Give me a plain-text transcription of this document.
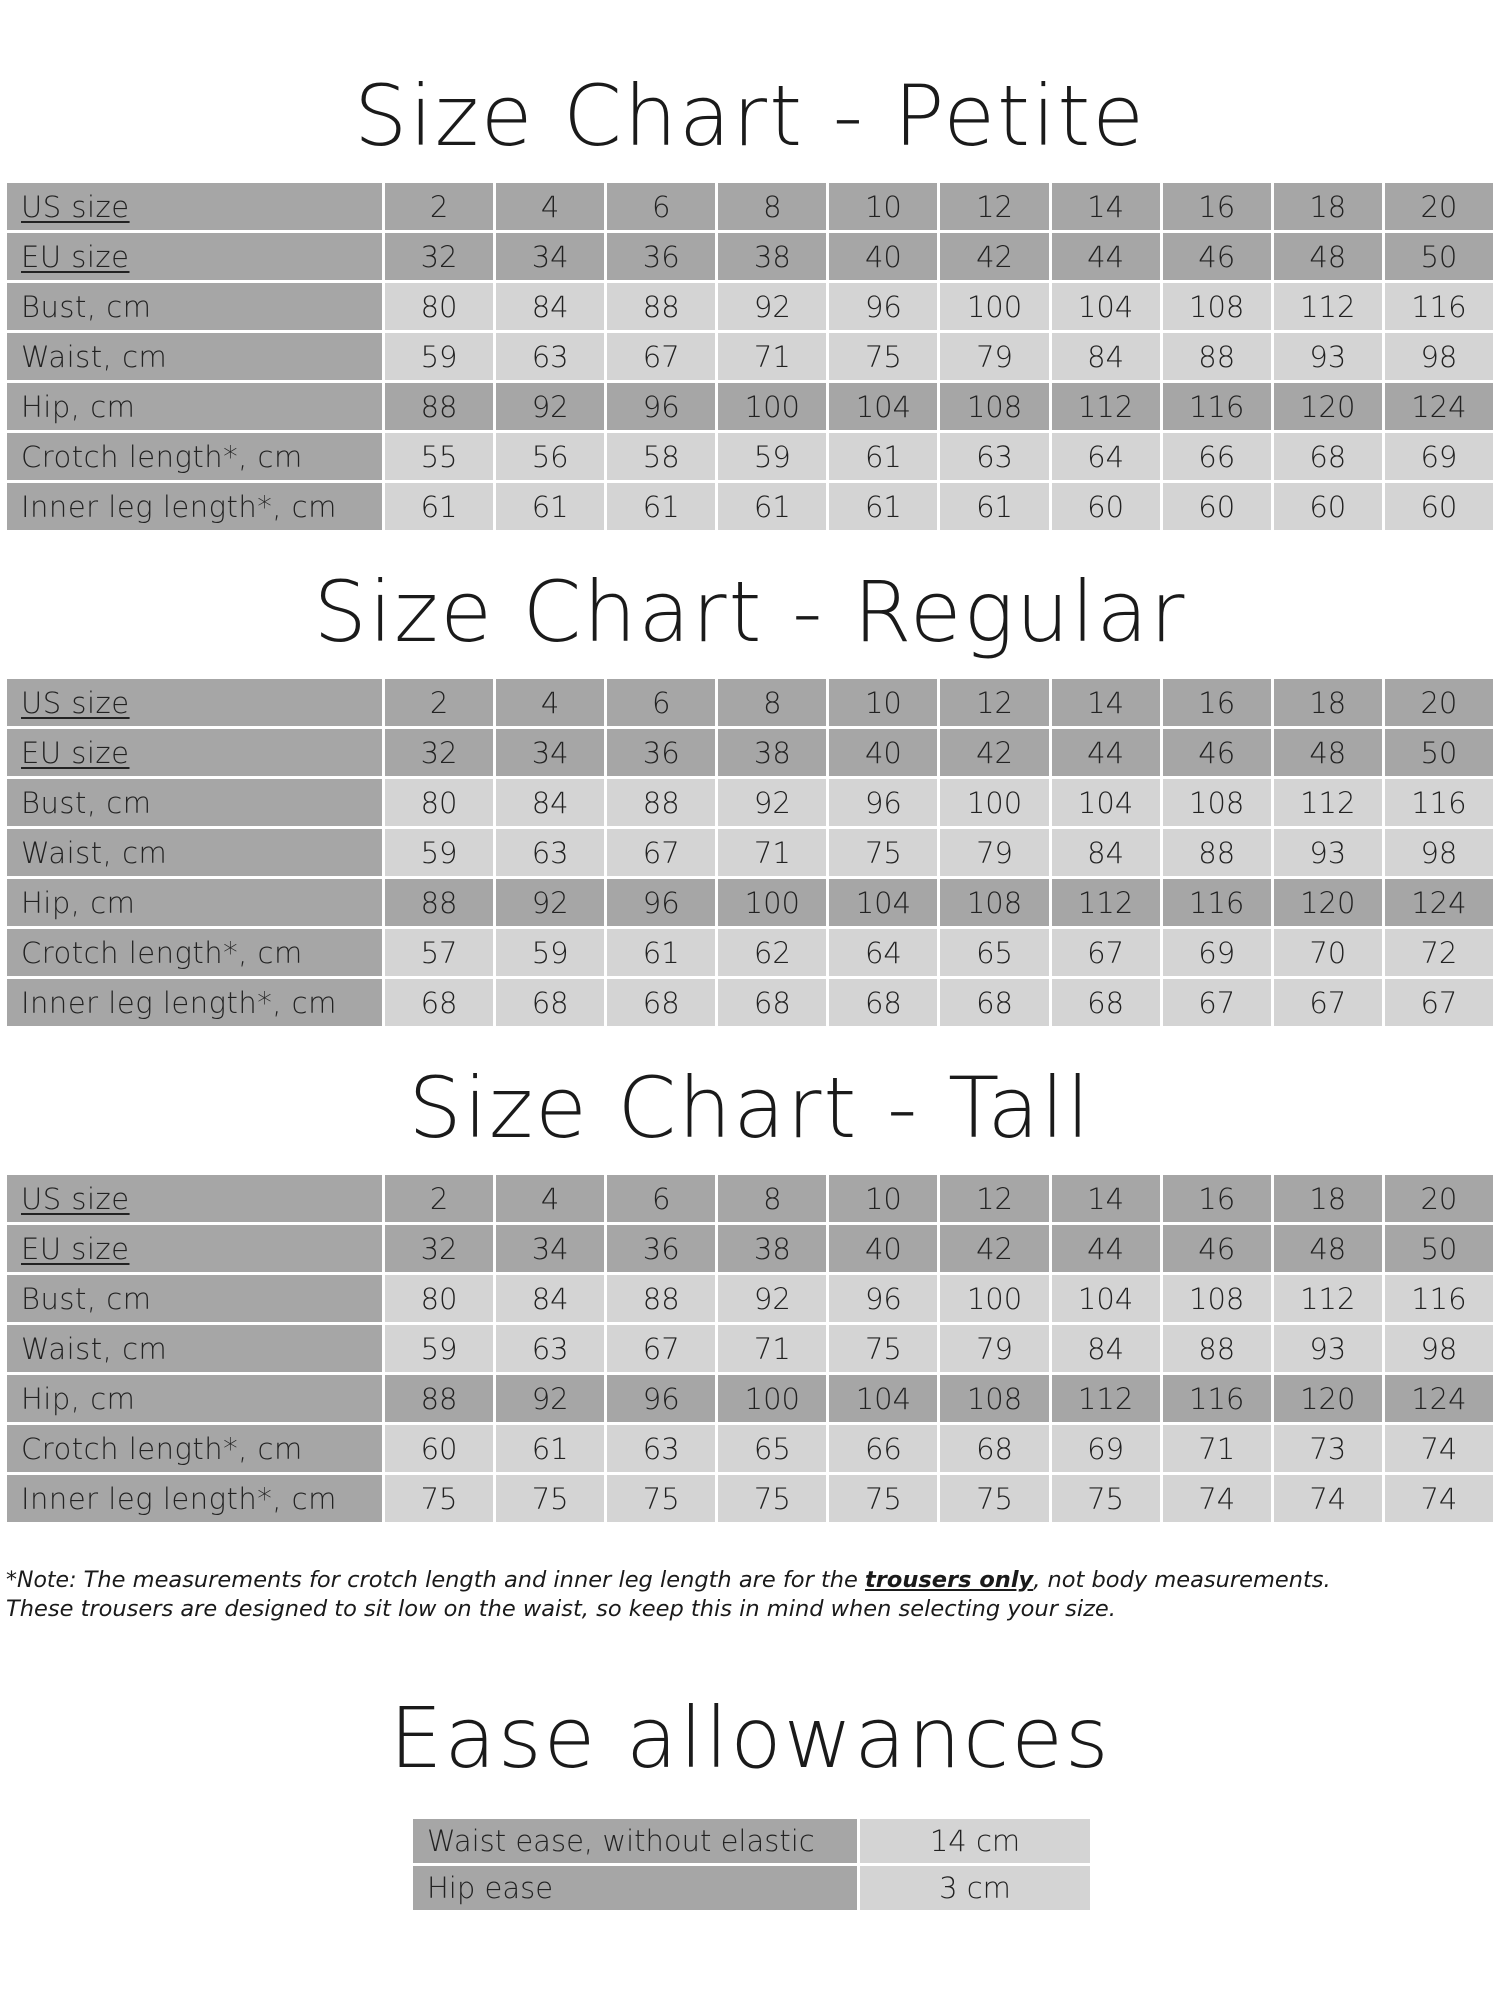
Size Chart - Petite
US size	2	4	6	8	10	12	14	16	18	20
EU size	32	34	36	38	40	42	44	46	48	50
Bust, cm	80	84	88	92	96	100	104	108	112	116
Waist, cm	59	63	67	71	75	79	84	88	93	98
Hip, cm	88	92	96	100	104	108	112	116	120	124
Crotch length*, cm	55	56	58	59	61	63	64	66	68	69
Inner leg length*, cm	61	61	61	61	61	61	60	60	60	60
Size Chart - Regular
US size	2	4	6	8	10	12	14	16	18	20
EU size	32	34	36	38	40	42	44	46	48	50
Bust, cm	80	84	88	92	96	100	104	108	112	116
Waist, cm	59	63	67	71	75	79	84	88	93	98
Hip, cm	88	92	96	100	104	108	112	116	120	124
Crotch length*, cm	57	59	61	62	64	65	67	69	70	72
Inner leg length*, cm	68	68	68	68	68	68	68	67	67	67
Size Chart - Tall
US size	2	4	6	8	10	12	14	16	18	20
EU size	32	34	36	38	40	42	44	46	48	50
Bust, cm	80	84	88	92	96	100	104	108	112	116
Waist, cm	59	63	67	71	75	79	84	88	93	98
Hip, cm	88	92	96	100	104	108	112	116	120	124
Crotch length*, cm	60	61	63	65	66	68	69	71	73	74
Inner leg length*, cm	75	75	75	75	75	75	75	74	74	74
*Note: The measurements for crotch length and inner leg length are for the trousers only, not body measurements.
These trousers are designed to sit low on the waist, so keep this in mind when selecting your size.
Ease allowances
Waist ease, without elastic	14 cm
Hip ease	3 cm
